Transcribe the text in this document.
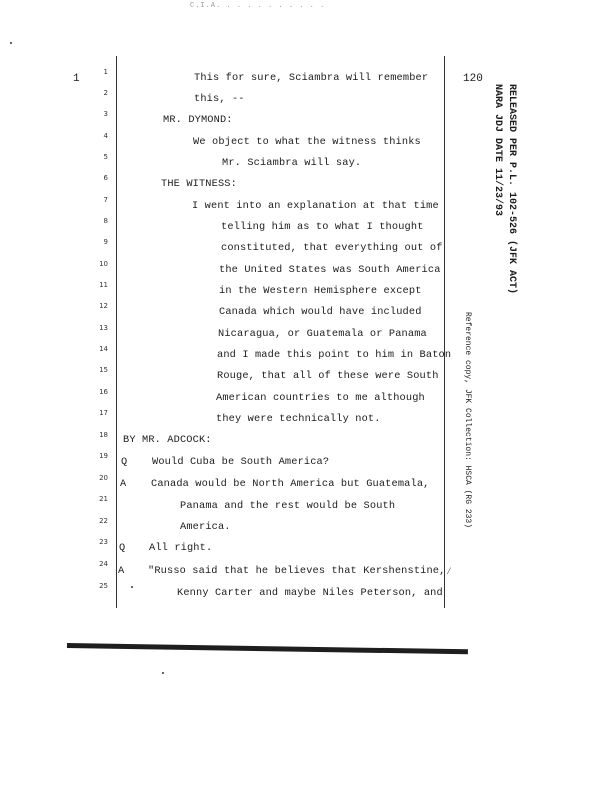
C.I.A. . . . . . . . . . .
1	120
1	This for sure, Sciambra will remember
2	this, --
3	MR. DYMOND:
4	We object to what the witness thinks
5	Mr. Sciambra will say.
6	THE WITNESS:
7	I went into an explanation at that time
8	telling him as to what I thought
9	constituted, that everything out of
10	the United States was South America
11	in the Western Hemisphere except
12	Canada which would have included
13	Nicaragua, or Guatemala or Panama
14	and I made this point to him in Baton
15	Rouge, that all of these were South
16	American countries to me although
17	they were technically not.
18 BY MR. ADCOCK:
19 Q Would Cuba be South America?
20 A Canada would be North America but Guatemala,
21
Panama and the rest would be South
22	America.
23 Q All right.
24
A "Russo said that he believes that Kershenstine,
25
Kenny Carter and maybe Niles Peterson, and
RELEASED PER P.L. 102-526 (JFK ACT)
NARA JDJ DATE 11/23/93
Reference copy, JFK Collection: HSCA (RG 233)
⁄
